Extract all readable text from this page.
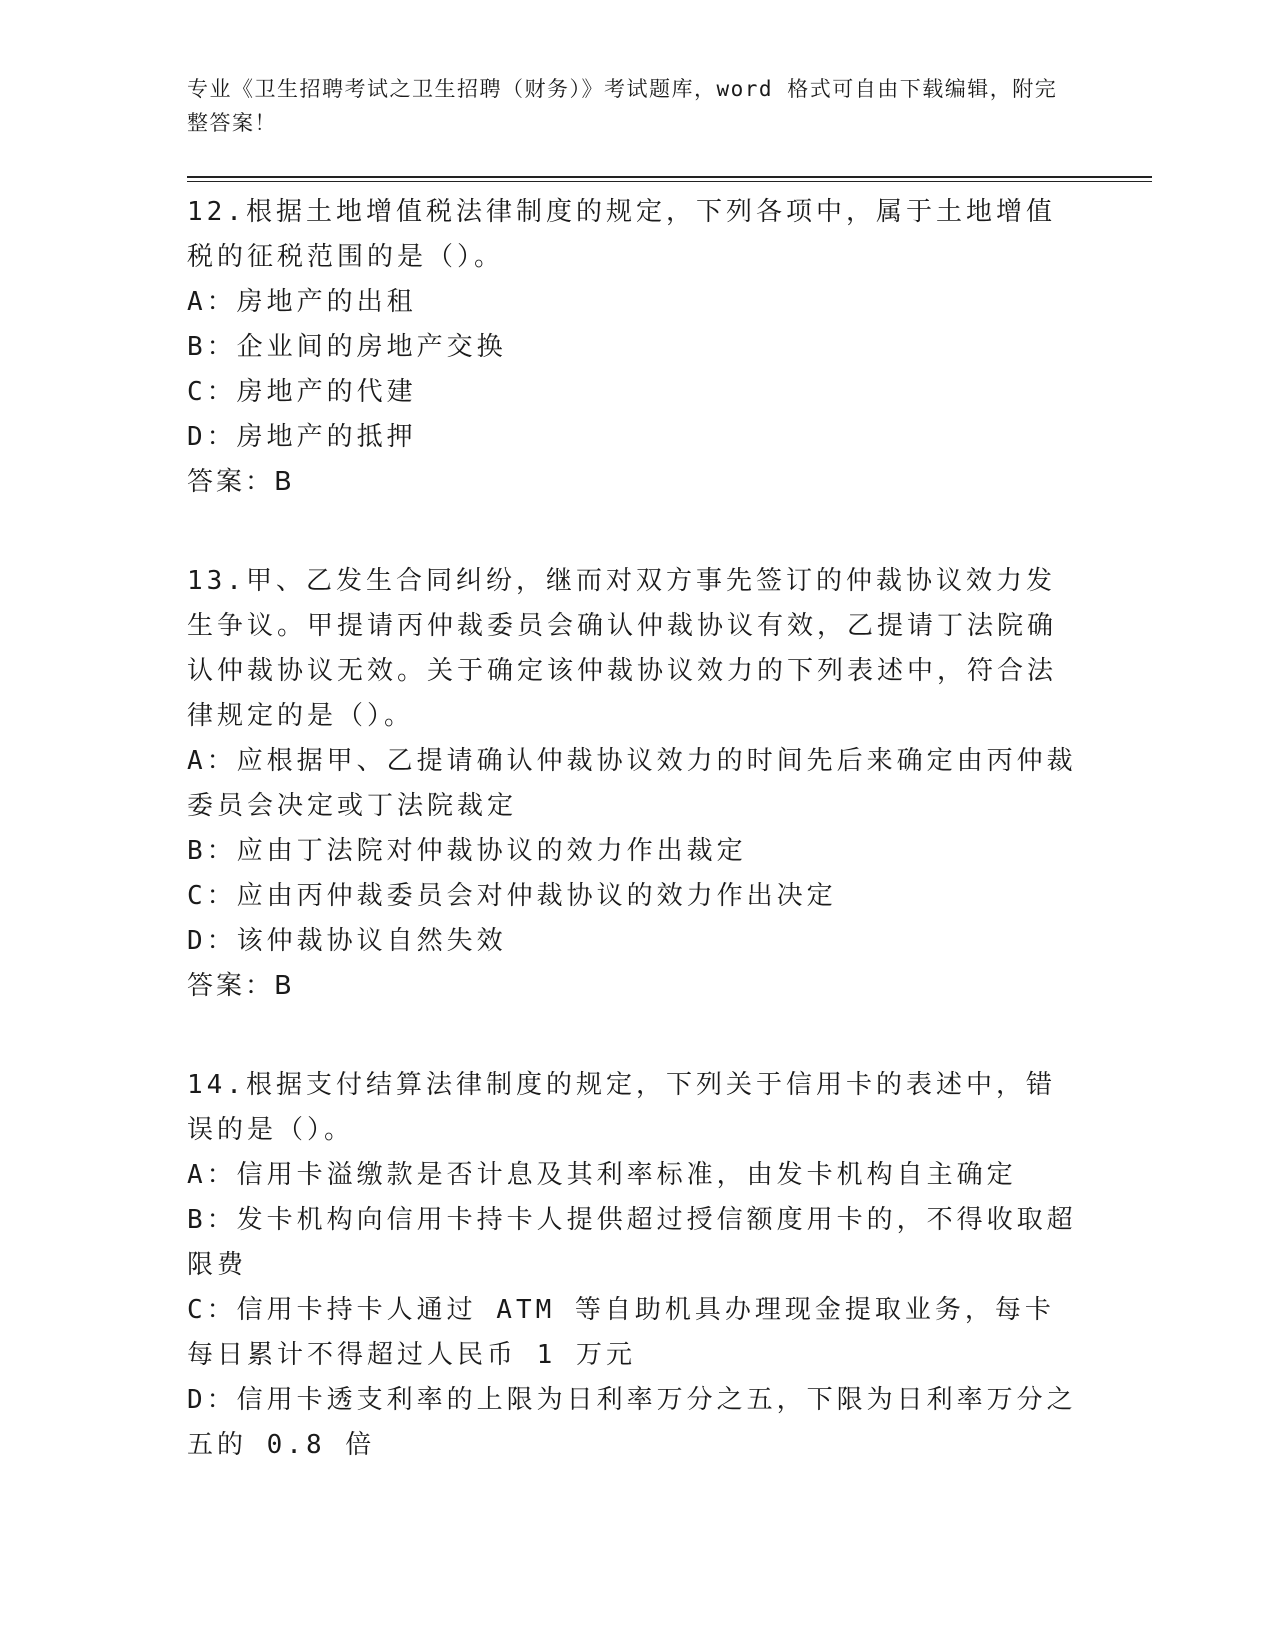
专业《卫生招聘考试之卫生招聘（财务）》考试题库，word 格式可自由下载编辑，附完整答案！

12.根据土地增值税法律制度的规定，下列各项中，属于土地增值税的征税范围的是（）。

A：房地产的出租

B：企业间的房地产交换

C：房地产的代建

D：房地产的抵押

答案：B

13.甲、乙发生合同纠纷，继而对双方事先签订的仲裁协议效力发生争议。甲提请丙仲裁委员会确认仲裁协议有效，乙提请丁法院确认仲裁协议无效。关于确定该仲裁协议效力的下列表述中，符合法律规定的是（）。

A：应根据甲、乙提请确认仲裁协议效力的时间先后来确定由丙仲裁委员会决定或丁法院裁定

B：应由丁法院对仲裁协议的效力作出裁定

C：应由丙仲裁委员会对仲裁协议的效力作出决定

D：该仲裁协议自然失效

答案：B

14.根据支付结算法律制度的规定，下列关于信用卡的表述中，错误的是（）。

A：信用卡溢缴款是否计息及其利率标准，由发卡机构自主确定

B：发卡机构向信用卡持卡人提供超过授信额度用卡的，不得收取超限费

C：信用卡持卡人通过 ATM 等自助机具办理现金提取业务，每卡每日累计不得超过人民币 1 万元

D：信用卡透支利率的上限为日利率万分之五，下限为日利率万分之五的 0.8 倍
